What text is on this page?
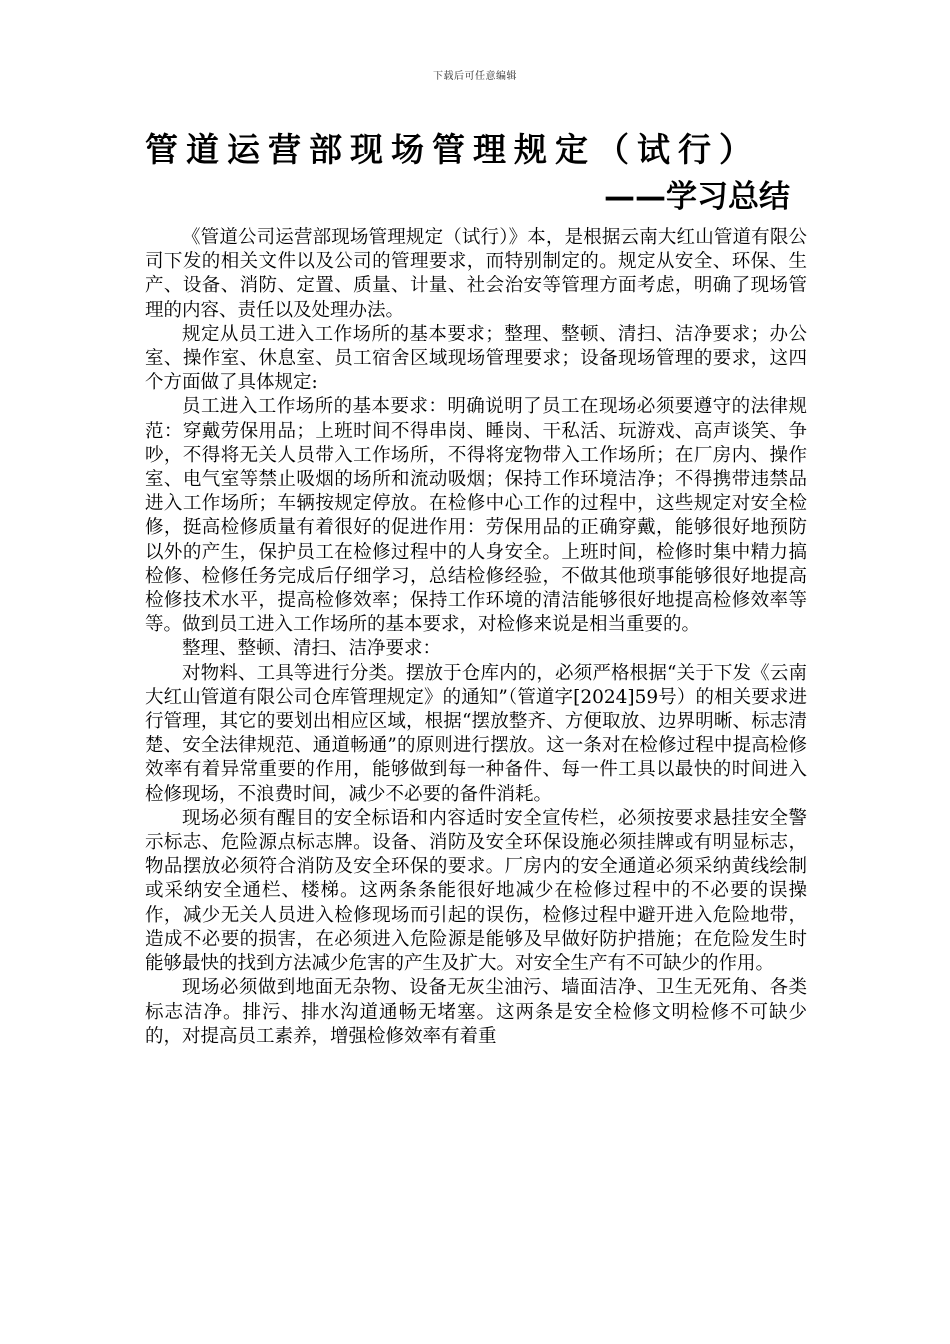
下载后可任意编辑
管道运营部现场管理规定（试行）
——学习总结

《管道公司运营部现场管理规定（试行）》本，是根据云南大红山管道有限公司下发的相关文件以及公司的管理要求，而特别制定的。规定从安全、环保、生产、设备、消防、定置、质量、计量、社会治安等管理方面考虑，明确了现场管理的内容、责任以及处理办法。

规定从员工进入工作场所的基本要求；整理、整顿、清扫、洁净要求；办公室、操作室、休息室、员工宿舍区域现场管理要求；设备现场管理的要求，这四个方面做了具体规定:

员工进入工作场所的基本要求：明确说明了员工在现场必须要遵守的法律规范：穿戴劳保用品；上班时间不得串岗、睡岗、干私活、玩游戏、高声谈笑、争吵，不得将无关人员带入工作场所，不得将宠物带入工作场所；在厂房内、操作室、电气室等禁止吸烟的场所和流动吸烟；保持工作环境洁净；不得携带违禁品进入工作场所；车辆按规定停放。在检修中心工作的过程中，这些规定对安全检修，挺高检修质量有着很好的促进作用：劳保用品的正确穿戴，能够很好地预防以外的产生，保护员工在检修过程中的人身安全。上班时间，检修时集中精力搞检修、检修任务完成后仔细学习，总结检修经验，不做其他琐事能够很好地提高检修技术水平，提高检修效率；保持工作环境的清洁能够很好地提高检修效率等等。做到员工进入工作场所的基本要求，对检修来说是相当重要的。

整理、整顿、清扫、洁净要求：

对物料、工具等进行分类。摆放于仓库内的，必须严格根据“关于下发《云南大红山管道有限公司仓库管理规定》的通知”（管道字[2024]59号）的相关要求进行管理，其它的要划出相应区域，根据“摆放整齐、方便取放、边界明晰、标志清楚、安全法律规范、通道畅通”的原则进行摆放。这一条对在检修过程中提高检修效率有着异常重要的作用，能够做到每一种备件、每一件工具以最快的时间进入检修现场，不浪费时间，减少不必要的备件消耗。

现场必须有醒目的安全标语和内容适时安全宣传栏，必须按要求悬挂安全警示标志、危险源点标志牌。设备、消防及安全环保设施必须挂牌或有明显标志，物品摆放必须符合消防及安全环保的要求。厂房内的安全通道必须采纳黄线绘制或采纳安全通栏、楼梯。这两条条能很好地减少在检修过程中的不必要的误操作，减少无关人员进入检修现场而引起的误伤，检修过程中避开进入危险地带，造成不必要的损害，在必须进入危险源是能够及早做好防护措施；在危险发生时能够最快的找到方法减少危害的产生及扩大。对安全生产有不可缺少的作用。

现场必须做到地面无杂物、设备无灰尘油污、墙面洁净、卫生无死角、各类标志洁净。排污、排水沟道通畅无堵塞。这两条是安全检修文明检修不可缺少的，对提高员工素养，增强检修效率有着重
